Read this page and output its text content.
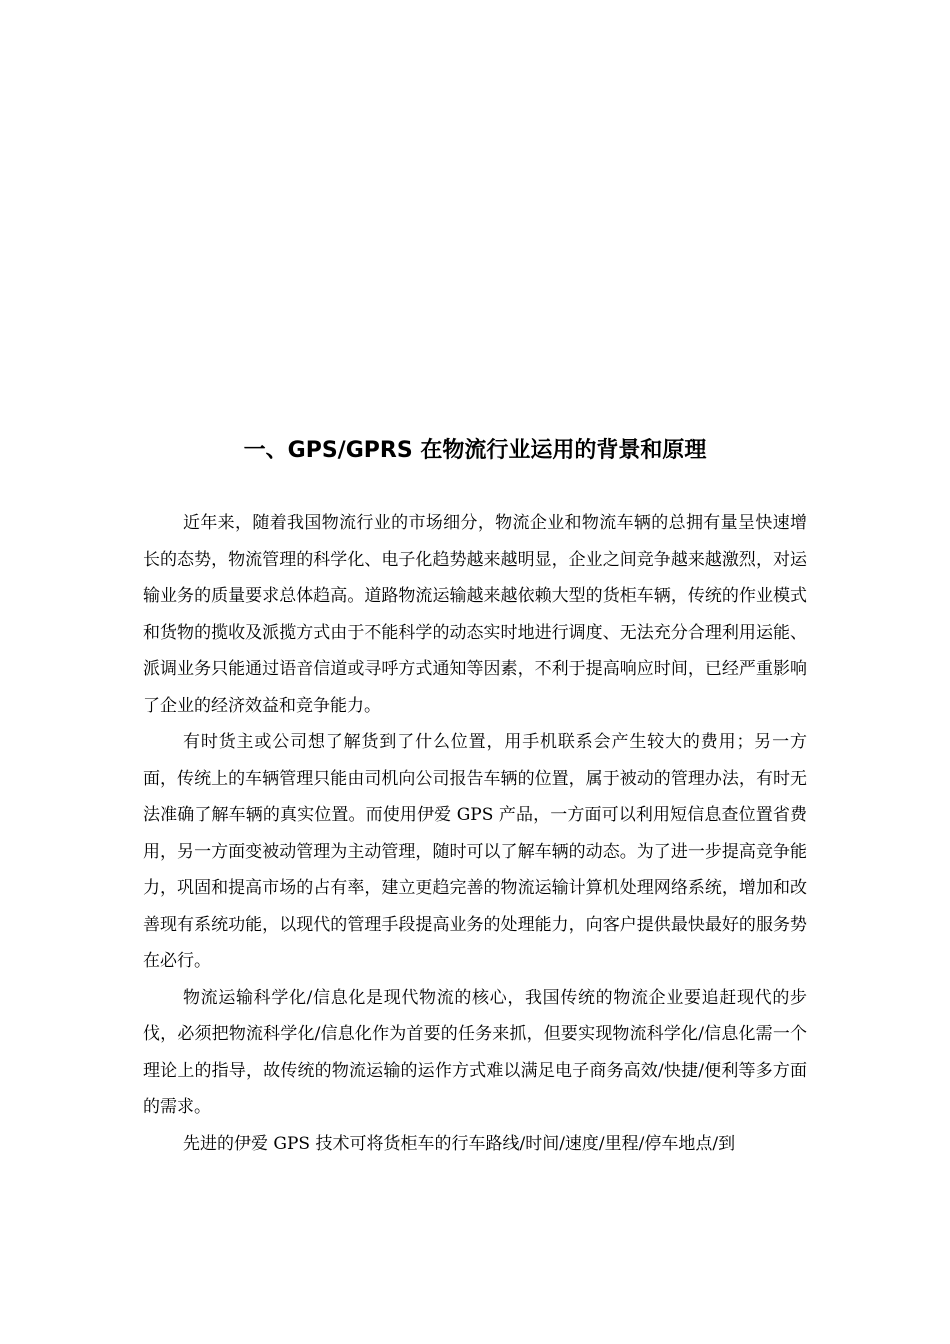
一、GPS/GPRS 在物流行业运用的背景和原理

近年来，随着我国物流行业的市场细分，物流企业和物流车辆的总拥有量呈快速增长的态势，物流管理的科学化、电子化趋势越来越明显，企业之间竞争越来越激烈，对运输业务的质量要求总体趋高。道路物流运输越来越依赖大型的货柜车辆，传统的作业模式和货物的揽收及派揽方式由于不能科学的动态实时地进行调度、无法充分合理利用运能、派调业务只能通过语音信道或寻呼方式通知等因素，不利于提高响应时间，已经严重影响了企业的经济效益和竞争能力。

有时货主或公司想了解货到了什么位置，用手机联系会产生较大的费用；另一方面，传统上的车辆管理只能由司机向公司报告车辆的位置，属于被动的管理办法，有时无法准确了解车辆的真实位置。而使用伊爱 GPS 产品，一方面可以利用短信息查位置省费用，另一方面变被动管理为主动管理，随时可以了解车辆的动态。为了进一步提高竞争能力，巩固和提高市场的占有率，建立更趋完善的物流运输计算机处理网络系统，增加和改善现有系统功能，以现代的管理手段提高业务的处理能力，向客户提供最快最好的服务势在必行。

物流运输科学化/信息化是现代物流的核心，我国传统的物流企业要追赶现代的步伐，必须把物流科学化/信息化作为首要的任务来抓，但要实现物流科学化/信息化需一个理论上的指导，故传统的物流运输的运作方式难以满足电子商务高效/快捷/便利等多方面的需求。

先进的伊爱 GPS 技术可将货柜车的行车路线/时间/速度/里程/停车地点/到
